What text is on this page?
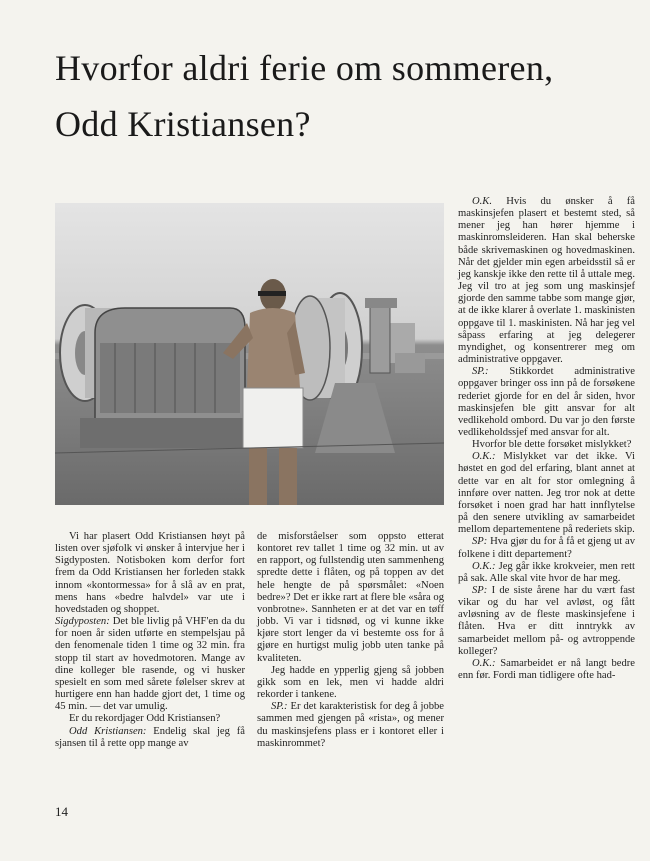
Hvorfor aldri ferie om sommeren,
Odd Kristiansen?

Vi har plasert Odd Kristiansen høyt på listen over sjøfolk vi ønsker å intervjue her i Sigdyposten. Notisboken kom derfor fort frem da Odd Kristiansen her forleden stakk innom «kontormessa» for å slå av en prat, mens hans «bedre halvdel» var ute i hovedstaden og shoppet.

Sigdyposten: Det ble livlig på VHF'en da du for noen år siden utførte en stempelsjau på den fenomenale tiden 1 time og 32 min. fra stopp til start av hovedmotoren. Mange av dine kolleger ble rasende, og vi husker spesielt en som med sårete følelser skrev at hurtigere enn han hadde gjort det, 1 time og 45 min. — det var umulig.

Er du rekordjager Odd Kristiansen?

Odd Kristiansen: Endelig skal jeg få sjansen til å rette opp mange av

de misforståelser som oppsto etterat kontoret rev tallet 1 time og 32 min. ut av en rapport, og fullstendig uten sammenheng spredte dette i flåten, og på toppen av det hele hengte de på spørsmålet: «Noen bedre»? Det er ikke rart at flere ble «såra og vonbrotne». Sannheten er at det var en tøff jobb. Vi var i tidsnød, og vi kunne ikke kjøre stort lenger da vi bestemte oss for å gjøre en hurtigst mulig jobb uten tanke på kvaliteten.

Jeg hadde en ypperlig gjeng så jobben gikk som en lek, men vi hadde aldri rekorder i tankene.

SP.: Er det karakteristisk for deg å jobbe sammen med gjengen på «rista», og mener du maskinsjefens plass er i kontoret eller i maskinrommet?

O.K. Hvis du ønsker å få maskinsjefen plasert et bestemt sted, så mener jeg han hører hjemme i maskinromsleideren. Han skal beherske både skrivemaskinen og hovedmaskinen. Når det gjelder min egen arbeidsstil så er jeg kanskje ikke den rette til å uttale meg. Jeg vil tro at jeg som ung maskinsjef gjorde den samme tabbe som mange gjør, at de ikke klarer å overlate 1. maskinisten oppgave til 1. maskinisten. Nå har jeg vel såpass erfaring at jeg delegerer myndighet, og konsentrerer meg om administrative oppgaver.

SP.: Stikkordet administrative oppgaver bringer oss inn på de forsøkene rederiet gjorde for en del år siden, hvor maskinsjefen ble gitt ansvar for alt vedlikehold ombord. Du var jo den første vedlikeholdssjef med ansvar for alt.

Hvorfor ble dette forsøket mislykket?

O.K.: Mislykket var det ikke. Vi høstet en god del erfaring, blant annet at dette var en alt for stor omlegning å innføre over natten. Jeg tror nok at dette forsøket i noen grad har hatt innflytelse på den senere utvikling av samarbeidet mellom departementene på rederiets skip.

SP: Hva gjør du for å få et gjeng ut av folkene i ditt departement?

O.K.: Jeg går ikke krokveier, men rett på sak. Alle skal vite hvor de har meg.

SP: I de siste årene har du vært fast vikar og du har vel avløst, og fått avløsning av de fleste maskinsjefene i flåten. Hva er ditt inntrykk av samarbeidet mellom på- og avtroppende kolleger?

O.K.: Samarbeidet er nå langt bedre enn før. Fordi man tidligere ofte had-

14
